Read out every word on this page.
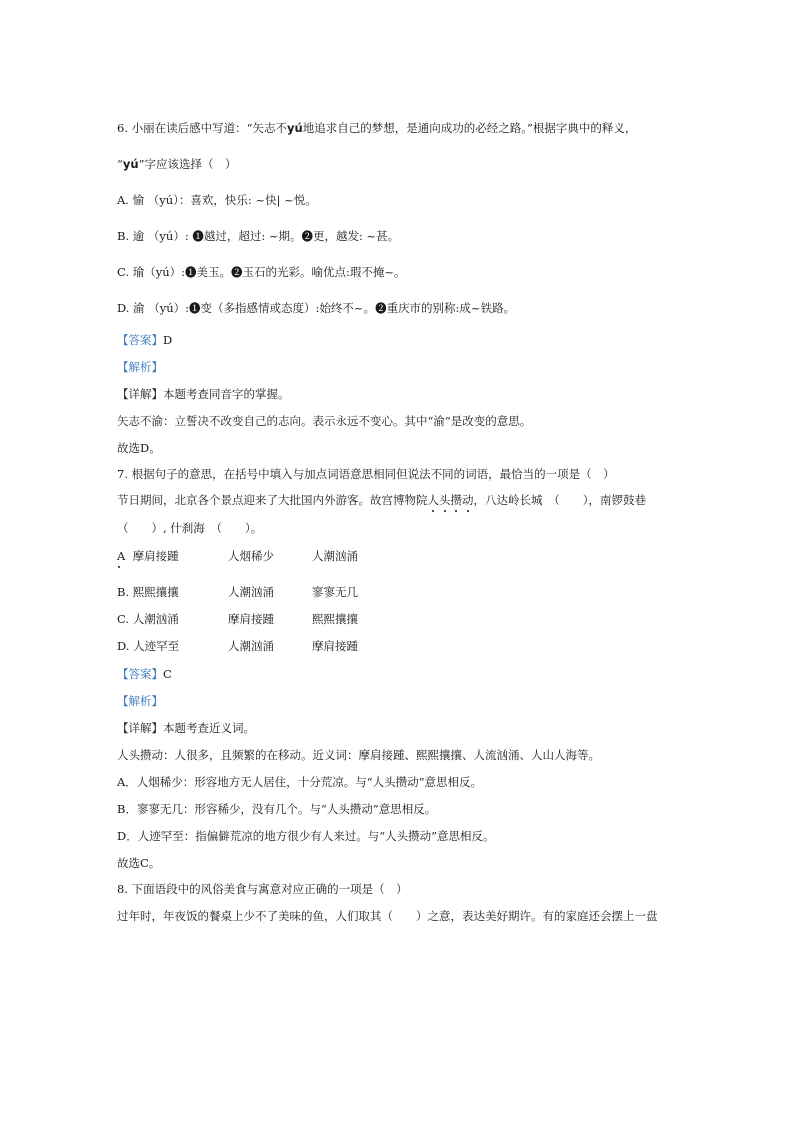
6. 小丽在读后感中写道：“矢志不yú地追求自己的梦想，是通向成功的必经之路。”根据字典中的释义，
“yú”字应该选择（　）
A. 愉 （yú）：喜欢，快乐: ~快| ~悦。
B. 逾 （yú）: ❶越过，超过: ~期。❷更，越发: ~甚。
C. 瑜（yú）:❶美玉。❷玉石的光彩。喻优点:瑕不掩~。
D. 渝 （yú）:❶变（多指感情或态度）:始终不~。❷重庆市的别称:成~铁路。
【答案】D
【解析】
【详解】本题考查同音字的掌握。
矢志不渝：立誓决不改变自己的志向。表示永远不变心。其中“渝”是改变的意思。
故选D。
7. 根据句子的意思，在括号中填入与加点词语意思相同但说法不同的词语，最恰当的一项是（　）
节日期间，北京各个景点迎来了大批国内外游客。故宫博物院人
头
攒
动
，八达岭长城　（　　），南锣鼓巷
（　　）, 什刹海　（　　）。
A 摩肩接踵	人烟稀少	人潮汹涌
B. 熙熙攘攘	人潮汹涌	寥寥无几
C. 人潮汹涌	摩肩接踵	熙熙攘攘
D. 人迹罕至	人潮汹涌	摩肩接踵
【答案】C
【解析】
【详解】本题考查近义词。
人头攒动：人很多，且频繁的在移动。近义词：摩肩接踵、熙熙攘攘、人流汹涌、人山人海等。
A．人烟稀少：形容地方无人居住，十分荒凉。与“人头攒动”意思相反。
B．寥寥无几：形容稀少，没有几个。与“人头攒动”意思相反。
D．人迹罕至：指偏僻荒凉的地方很少有人来过。与“人头攒动”意思相反。
故选C。
8. 下面语段中的风俗美食与寓意对应正确的一项是（　）
过年时，年夜饭的餐桌上少不了美味的鱼，人们取其（　　）之意，表达美好期许。有的家庭还会摆上一盘
